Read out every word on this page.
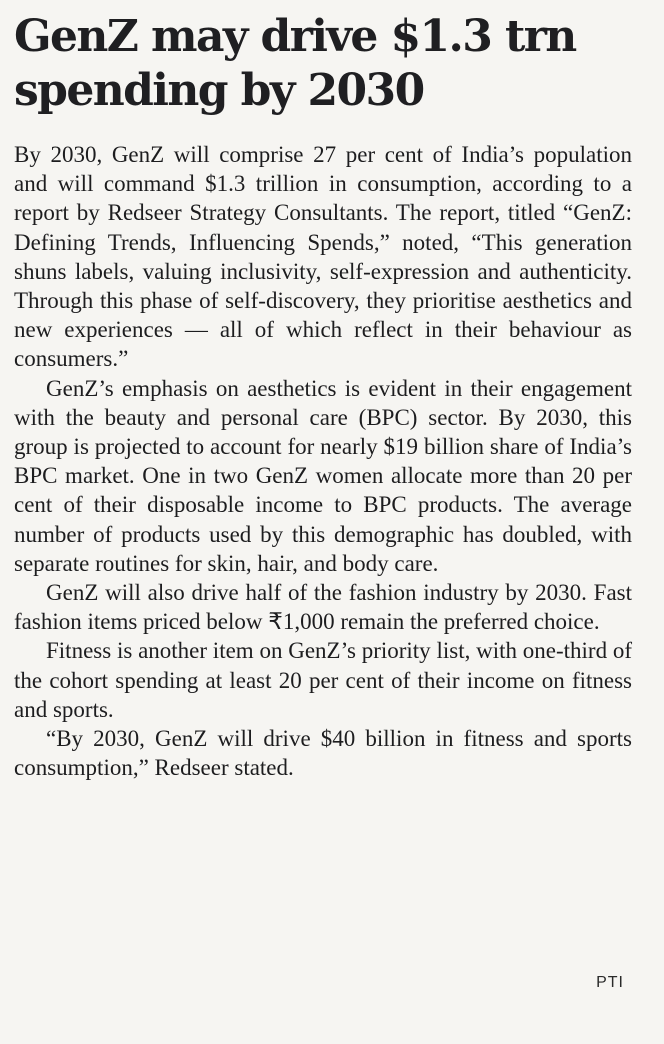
GenZ may drive $1.3 trn
spending by 2030

By 2030, GenZ will comprise 27 per cent of India’s population and will command $1.3 trillion in consumption, according to a report by Redseer Strategy Consultants. The report, titled “GenZ: Defining Trends, Influencing Spends,” noted, “This generation shuns labels, valuing inclusivity, self-expression and authenticity. Through this phase of self-discovery, they prioritise aesthetics and new experiences — all of which reflect in their behaviour as consumers.”

GenZ’s emphasis on aesthetics is evident in their engagement with the beauty and personal care (BPC) sector. By 2030, this group is projected to account for nearly $19 billion share of India’s BPC market. One in two GenZ women allocate more than 20 per cent of their disposable income to BPC products. The average number of products used by this demographic has doubled, with separate routines for skin, hair, and body care.

GenZ will also drive half of the fashion industry by 2030. Fast fashion items priced below ₹1,000 remain the preferred choice.

Fitness is another item on GenZ’s priority list, with one-third of the cohort spending at least 20 per cent of their income on fitness and sports.

“By 2030, GenZ will drive $40 billion in fitness and sports consumption,” Redseer stated.

PTI
